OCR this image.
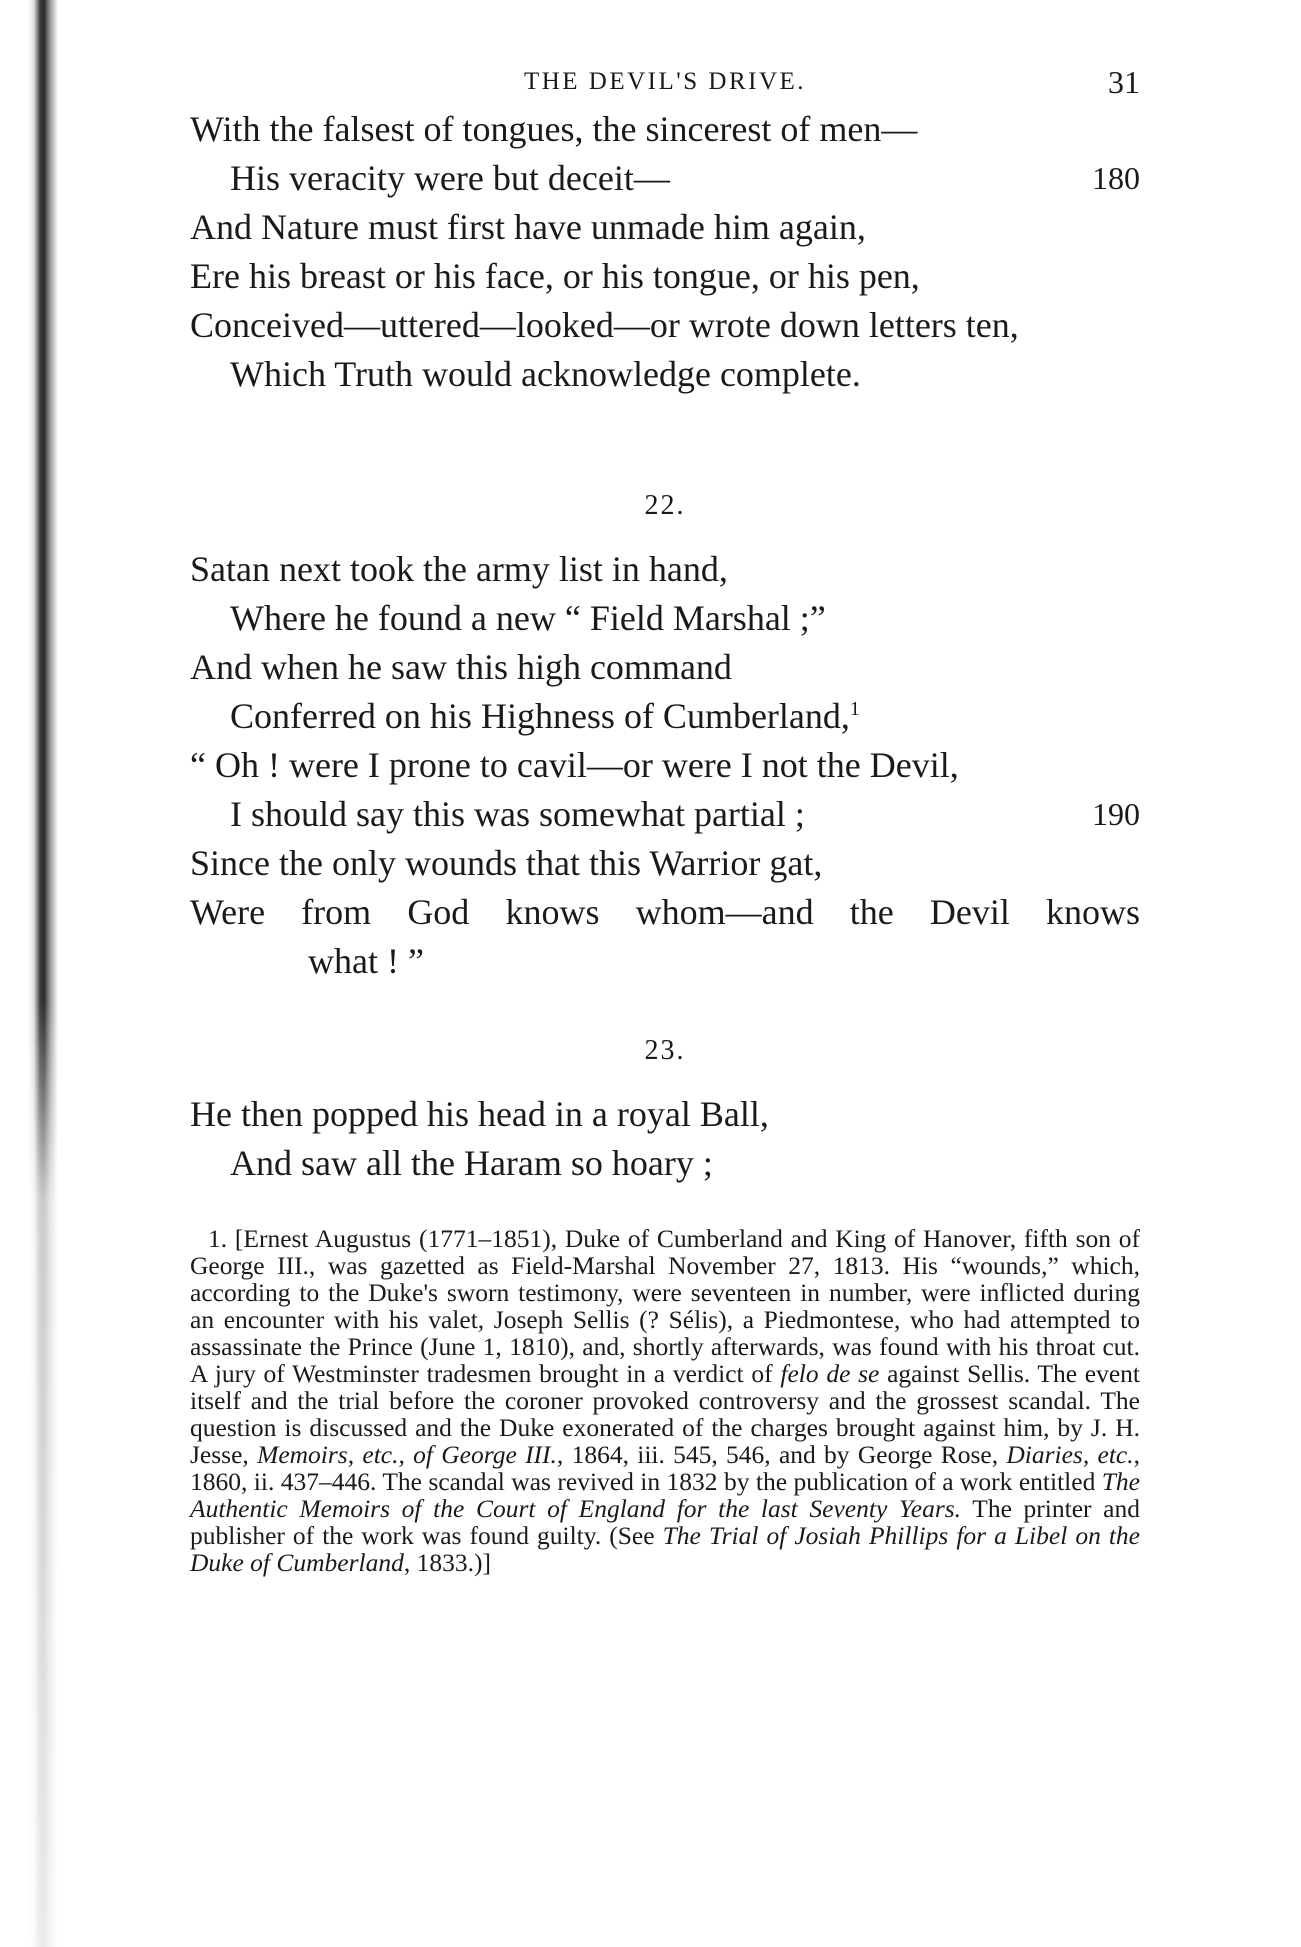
THE DEVIL'S DRIVE.	31
With the falsest of tongues, the sincerest of men—
His veracity were but deceit—	180
And Nature must first have unmade him again,
Ere his breast or his face, or his tongue, or his pen,
Conceived—uttered—looked—or wrote down letters ten,
Which Truth would acknowledge complete.
22.
Satan next took the army list in hand,
Where he found a new “ Field Marshal ;”
And when he saw this high command
Conferred on his Highness of Cumberland,$^1$
“ Oh ! were I prone to cavil—or were I not the Devil,
I should say this was somewhat partial ;	190
Since the only wounds that this Warrior gat,
Were from God knows whom—and the Devil knows
what ! ”
23.
He then popped his head in a royal Ball,
And saw all the Haram so hoary ;
1. [Ernest Augustus (1771–1851), Duke of Cumberland and King of Hanover, fifth son of George III., was gazetted as Field-Marshal November 27, 1813. His “wounds,” which, according to the Duke's sworn testimony, were seventeen in number, were inflicted during an encounter with his valet, Joseph Sellis (? Sélis), a Piedmontese, who had attempted to assassinate the Prince (June 1, 1810), and, shortly afterwards, was found with his throat cut. A jury of Westminster tradesmen brought in a verdict of felo de se against Sellis. The event itself and the trial before the coroner provoked controversy and the grossest scandal. The question is discussed and the Duke exonerated of the charges brought against him, by J. H. Jesse, Memoirs, etc., of George III., 1864, iii. 545, 546, and by George Rose, Diaries, etc., 1860, ii. 437–446. The scandal was revived in 1832 by the publication of a work entitled The Authentic Memoirs of the Court of England for the last Seventy Years. The printer and publisher of the work was found guilty. (See The Trial of Josiah Phillips for a Libel on the Duke of Cumberland, 1833.)]
